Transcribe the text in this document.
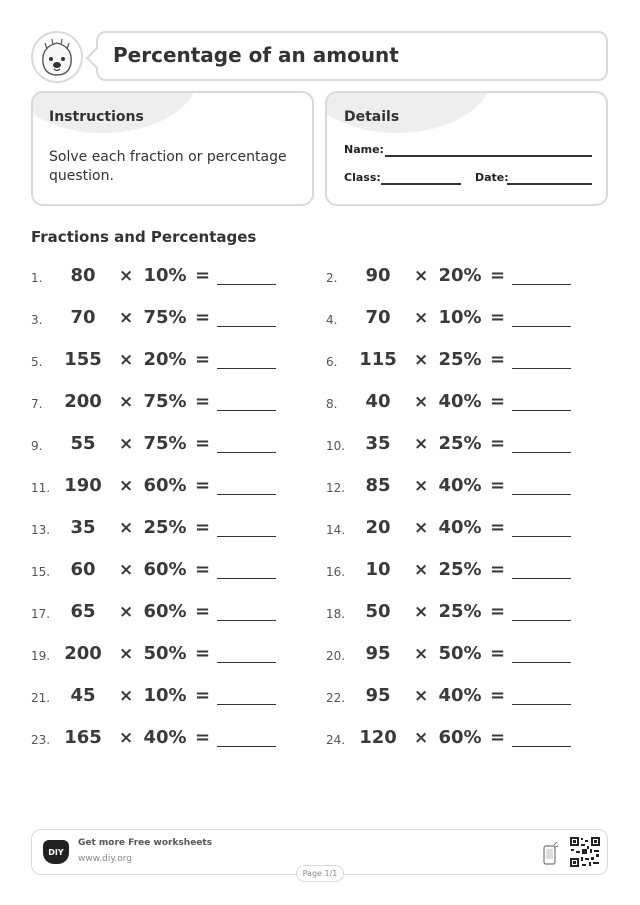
Percentage of an amount
Instructions
Solve each fraction or percentage question.
Details
Name:
Class:	Date:
Fractions and Percentages
1.	80	× 10% =	2.	90	× 20% =
3.	70	× 75% =	4.	70	× 10% =
5. 155 × 20% =	6. 115 × 25% =
7. 200 × 75% =	8.	40	× 40% =
9.	55	× 75% =	10.	35	× 25% =
11. 190 × 60% =	12.	85	× 40% =
13.	35	× 25% =	14.	20	× 40% =
15.	60	× 60% =	16.	10	× 25% =
17.	65	× 60% =	18.	50	× 25% =
19. 200 × 50% =	20.	95	× 50% =
21.	45	× 10% =	22.	95	× 40% =
23. 165 × 40% =	24. 120 × 60% =
DIY
Get more Free worksheets
www.diy.org
Page 1/1
